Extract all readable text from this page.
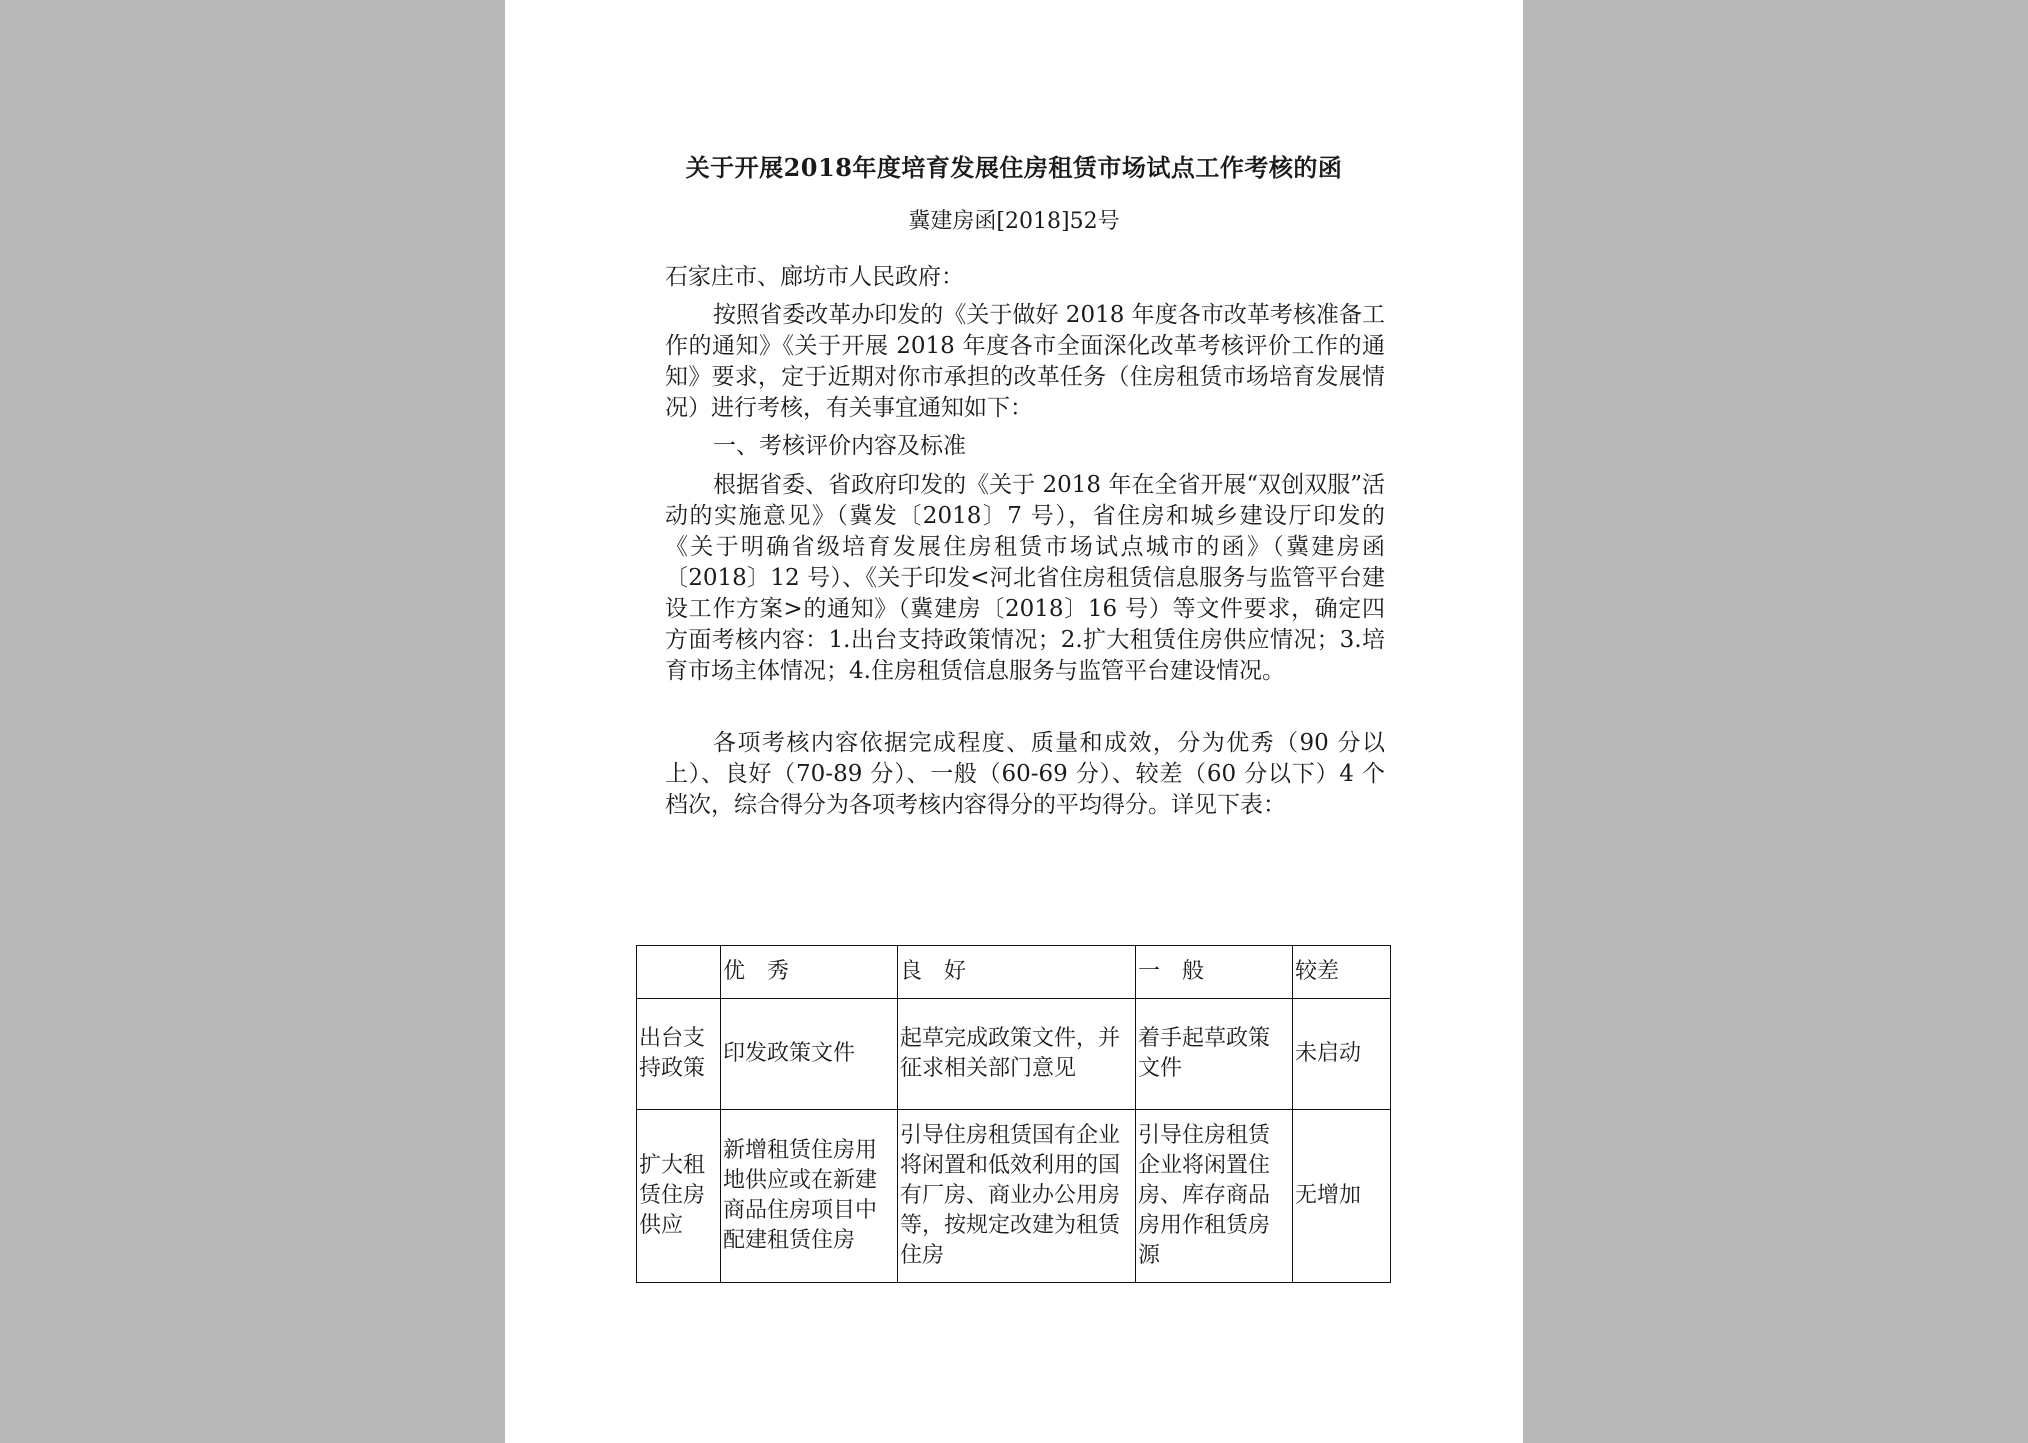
关于开展2018年度培育发展住房租赁市场试点工作考核的函
冀建房函[2018]52号
石家庄市、廊坊市人民政府：

按照省委改革办印发的《关于做好 2018 年度各市改革考核准备工作的通知》《关于开展 2018 年度各市全面深化改革考核评价工作的通知》要求，定于近期对你市承担的改革任务（住房租赁市场培育发展情况）进行考核，有关事宜通知如下：

一、考核评价内容及标准

根据省委、省政府印发的《关于 2018 年在全省开展“双创双服”活动的实施意见》（冀发〔2018〕7 号），省住房和城乡建设厅印发的《关于明确省级培育发展住房租赁市场试点城市的函》（冀建房函〔2018〕12 号）、《关于印发<河北省住房租赁信息服务与监管平台建设工作方案>的通知》（冀建房〔2018〕16 号）等文件要求，确定四方面考核内容：1.出台支持政策情况；2.扩大租赁住房供应情况；3.培育市场主体情况；4.住房租赁信息服务与监管平台建设情况。

各项考核内容依据完成程度、质量和成效，分为优秀（90 分以上）、良好（70-89 分）、一般（60-69 分）、较差（60 分以下）4 个档次，综合得分为各项考核内容得分的平均得分。详见下表：

	优　秀	良　好	一　般	较差
出台支持政策	印发政策文件	起草完成政策文件，并征求相关部门意见	着手起草政策文件	未启动
扩大租赁住房供应	新增租赁住房用地供应或在新建商品住房项目中配建租赁住房	引导住房租赁国有企业将闲置和低效利用的国有厂房、商业办公用房等，按规定改建为租赁住房	引导住房租赁企业将闲置住房、库存商品房用作租赁房源	无增加
